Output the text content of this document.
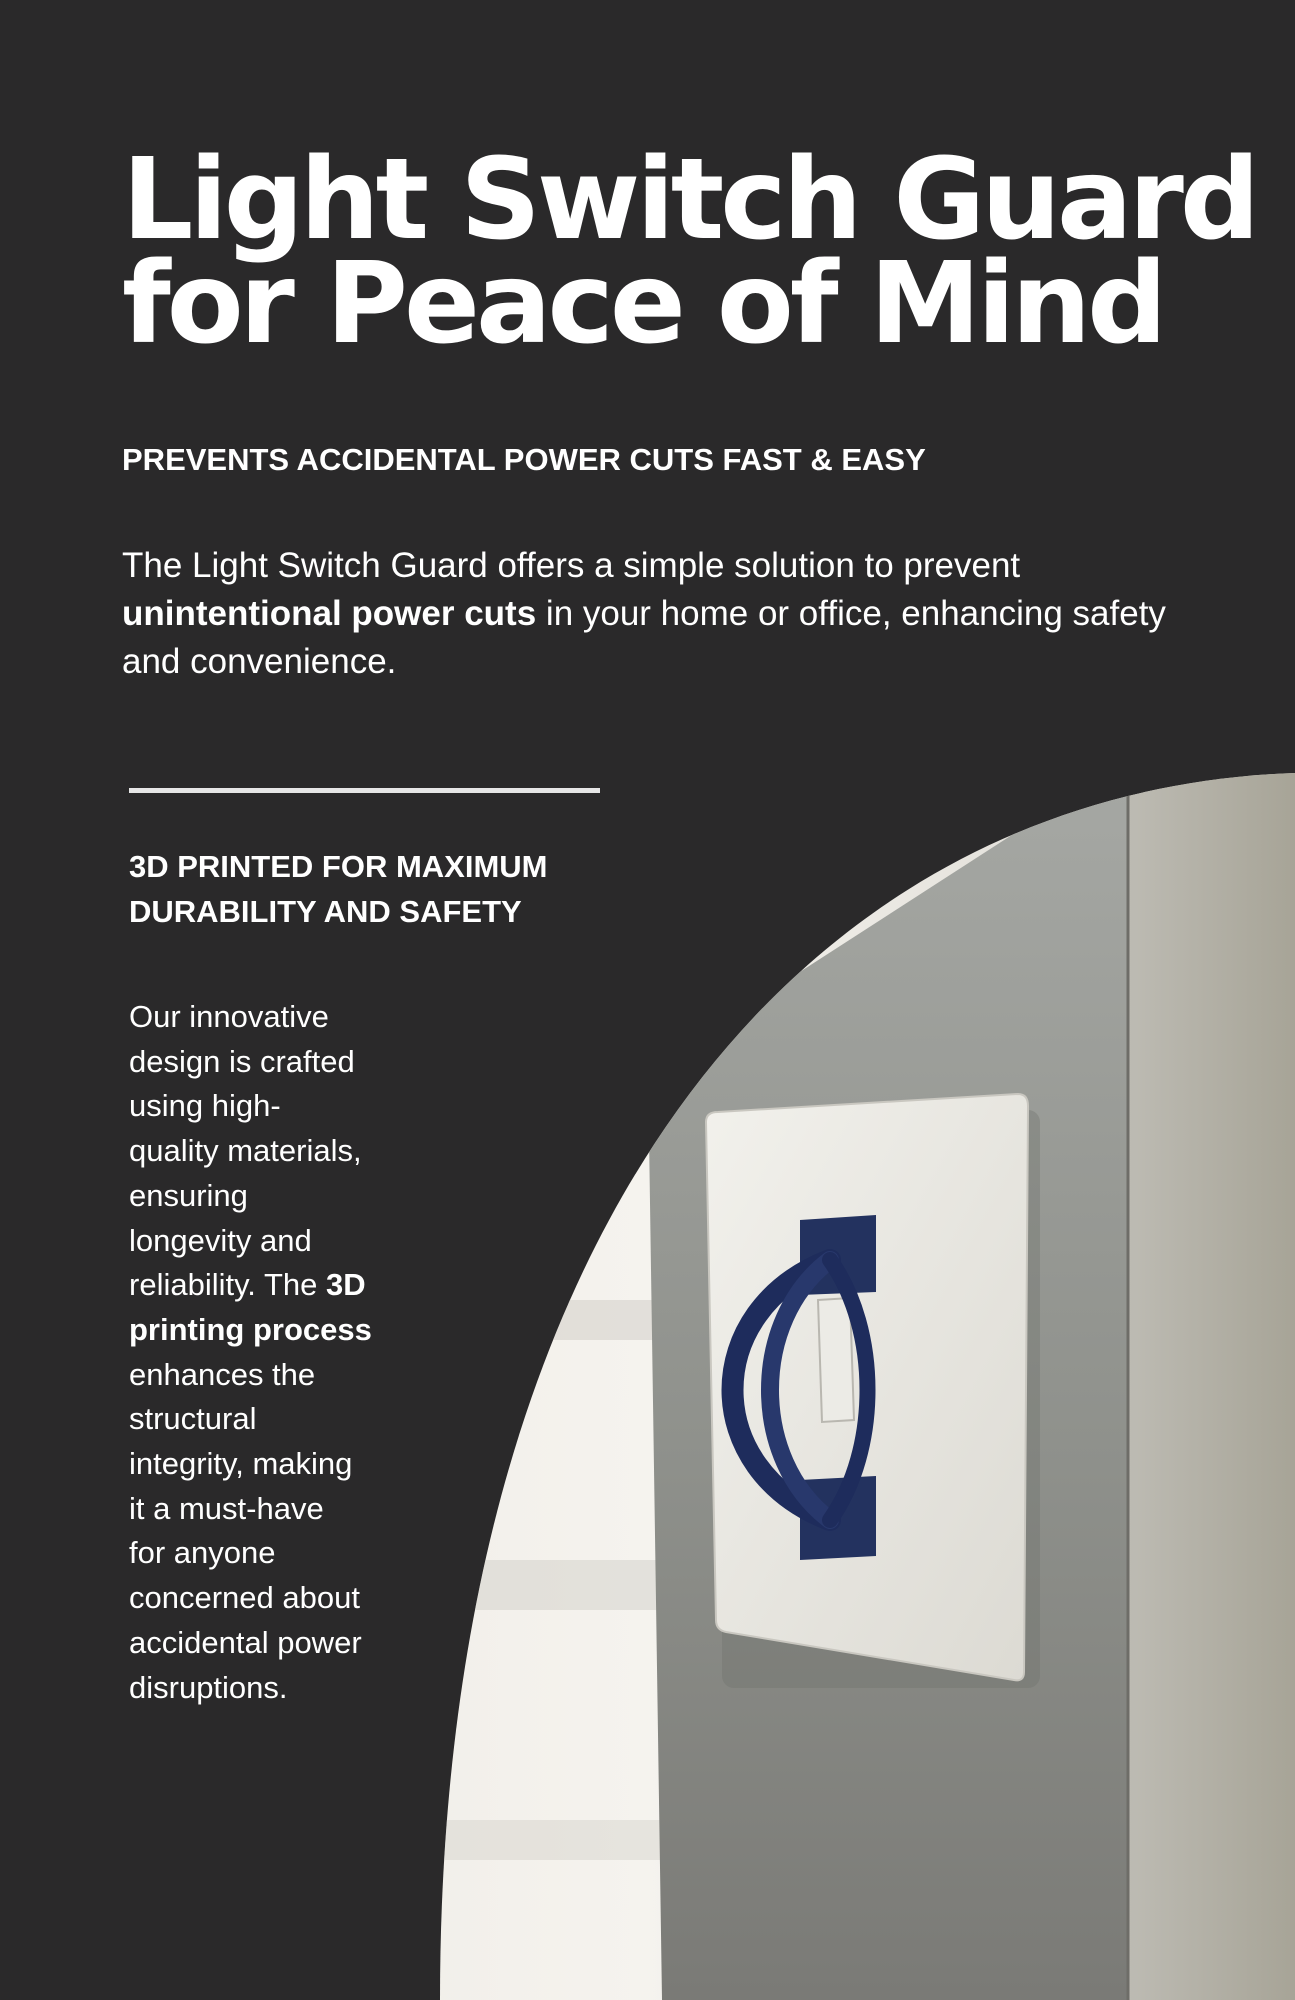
Light Switch Guard
for Peace of Mind
PREVENTS ACCIDENTAL POWER CUTS FAST & EASY

The Light Switch Guard offers a simple solution to prevent unintentional power cuts in your home or office, enhancing safety and convenience.

3D PRINTED FOR MAXIMUM
DURABILITY AND SAFETY

Our innovative
design is crafted
using high-
quality materials,
ensuring
longevity and
reliability. The 3D
printing process
enhances the
structural
integrity, making
it a must-have
for anyone
concerned about
accidental power
disruptions.
